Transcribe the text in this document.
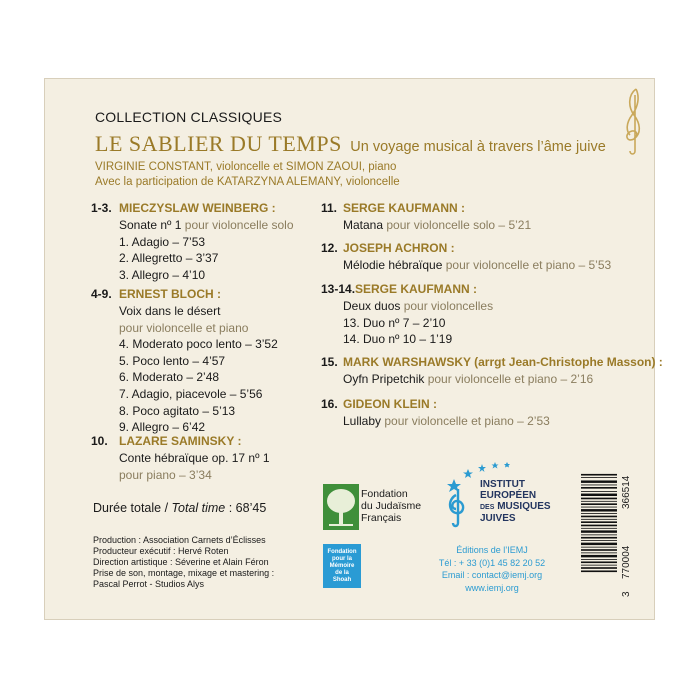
COLLECTION CLASSIQUES
LE SABLIER DU TEMPS Un voyage musical à travers l’âme juive
VIRGINIE CONSTANT, violoncelle et SIMON ZAOUI, piano
Avec la participation de KATARZYNA ALEMANY, violoncelle
1-3. MIECZYSLAW WEINBERG :
Sonate nº 1 pour violoncelle solo
1. Adagio – 7’53
2. Allegretto – 3’37
3. Allegro – 4’10
4-9. ERNEST BLOCH :
Voix dans le désert
pour violoncelle et piano
4. Moderato poco lento – 3’52
5. Poco lento – 4’57
6. Moderato – 2’48
7. Adagio, piacevole – 5’56
8. Poco agitato – 5’13
9. Allegro – 6’42
10. LAZARE SAMINSKY :
Conte hébraïque op. 17 nº 1
pour piano – 3’34
11. SERGE KAUFMANN :
Matana pour violoncelle solo – 5’21
12. JOSEPH ACHRON :
Mélodie hébraïque pour violoncelle et piano – 5’53
13-14. SERGE KAUFMANN :
Deux duos pour violoncelles
13. Duo nº 7 – 2’10
14. Duo nº 10 – 1’19
15. MARK WARSHAWSKY (arrgt Jean-Christophe Masson) :
Oyfn Pripetchik pour violoncelle et piano – 2’16
16. GIDEON KLEIN :
Lullaby pour violoncelle et piano – 2’53
Durée totale / Total time : 68’45
Production : Association Carnets d’Éclisses
Producteur exécutif : Hervé Roten
Direction artistique : Séverine et Alain Féron
Prise de son, montage, mixage et mastering :
Pascal Perrot - Studios Alys
Fondation
du Judaïsme
Français
Fondation
pour la
Mémoire
de la
Shoah
INSTITUT
EUROPÉEN
DES MUSIQUES
JUIVES
Éditions de l’IEMJ
Tél : + 33 (0)1 45 82 20 52
Email : contact@iemj.org
www.iemj.org
366514
770004
3
